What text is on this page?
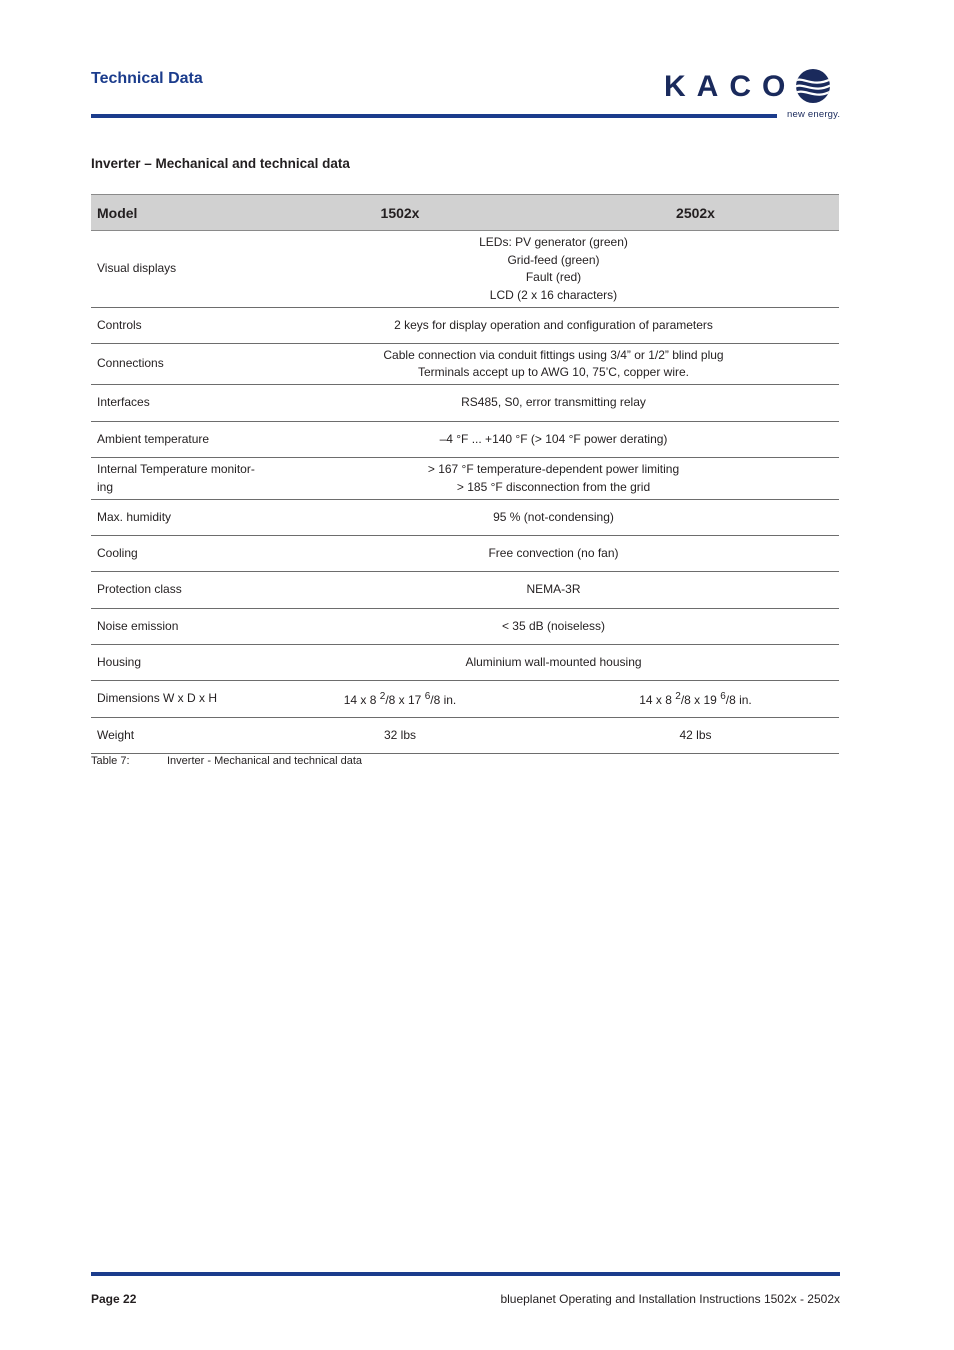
Technical Data	KACO
new energy.
Inverter – Mechanical and technical data
Model	1502x	2502x
Visual displays	LEDs: PV generator (green)
Grid-feed (green)
Fault (red)
LCD (2 x 16 characters)	

Controls	2 keys for display operation and configuration of parameters	
Connections	Cable connection via conduit fittings using 3/4” or 1/2” blind plug
Terminals accept up to AWG 10, 75’C, copper wire.	

Interfaces	RS485, S0, error transmitting relay	
Ambient temperature	–4 °F ... +140 °F (> 104 °F power derating)	

Internal Temperature monitor-
ing	> 167 °F temperature-dependent power limiting
> 185 °F disconnection from the grid	

Max. humidity	95 % (not-condensing)	
Cooling	Free convection (no fan)	
Protection class	NEMA-3R	
Noise emission	< 35 dB (noiseless)	
Housing	Aluminium wall-mounted housing	
Dimensions W x D x H	14 x 8 $^2$/8 x 17 $^6$/8 in.	14 x 8 $^2$/8 x 19 $^6$/8 in.
Weight	32 lbs	42 lbs
Table 7:	Inverter - Mechanical and technical data
Page 22	blueplanet Operating and Installation Instructions 1502x - 2502x
